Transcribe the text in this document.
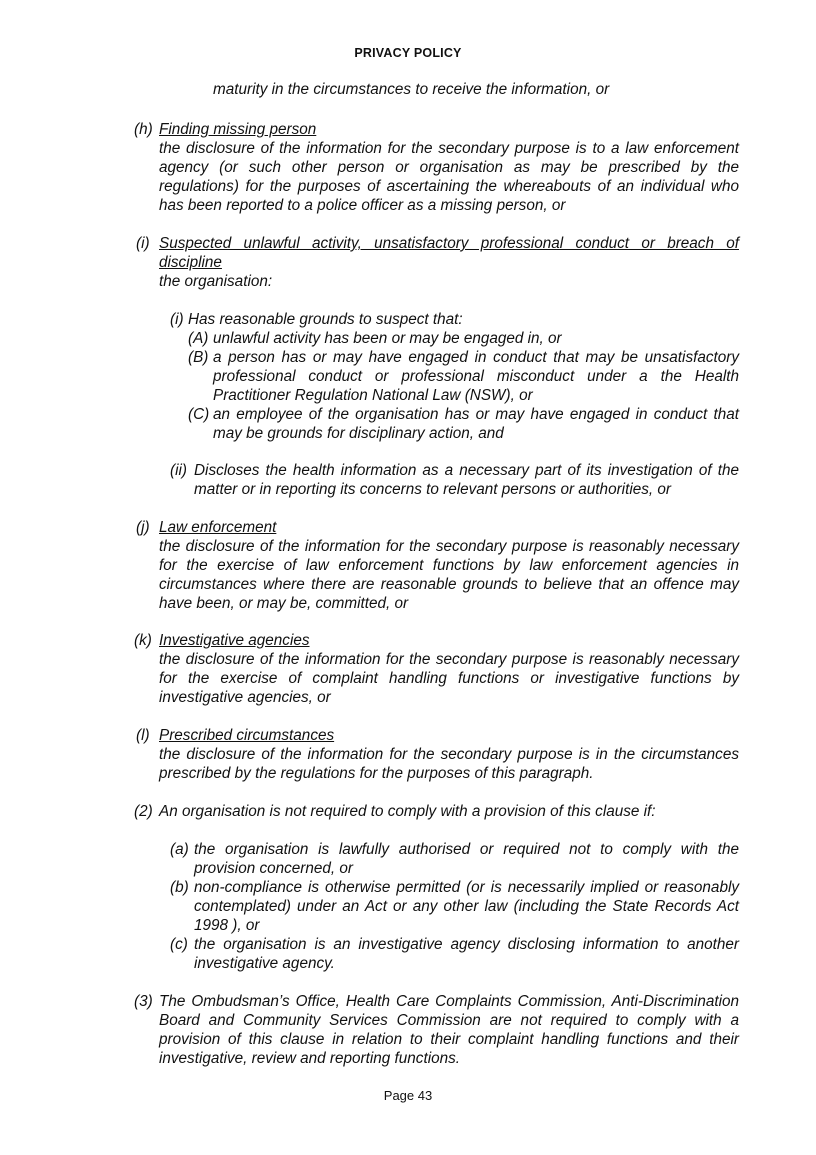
PRIVACY POLICY
maturity in the circumstances to receive the information, or
(h) Finding missing person
the disclosure of the information for the secondary purpose is to a law enforcement agency (or such other person or organisation as may be prescribed by the regulations) for the purposes of ascertaining the whereabouts of an individual who has been reported to a police officer as a missing person, or
(i) Suspected unlawful activity, unsatisfactory professional conduct or breach of discipline
the organisation:
(i) Has reasonable grounds to suspect that:
(A) unlawful activity has been or may be engaged in, or
(B) a person has or may have engaged in conduct that may be unsatisfactory professional conduct or professional misconduct under a the Health Practitioner Regulation National Law (NSW), or
(C) an employee of the organisation has or may have engaged in conduct that may be grounds for disciplinary action, and
(ii) Discloses the health information as a necessary part of its investigation of the matter or in reporting its concerns to relevant persons or authorities, or
(j) Law enforcement
the disclosure of the information for the secondary purpose is reasonably necessary for the exercise of law enforcement functions by law enforcement agencies in circumstances where there are reasonable grounds to believe that an offence may have been, or may be, committed, or
(k) Investigative agencies
the disclosure of the information for the secondary purpose is reasonably necessary for the exercise of complaint handling functions or investigative functions by investigative agencies, or
(l) Prescribed circumstances
the disclosure of the information for the secondary purpose is in the circumstances prescribed by the regulations for the purposes of this paragraph.
(2) An organisation is not required to comply with a provision of this clause if:
(a) the organisation is lawfully authorised or required not to comply with the provision concerned, or
(b) non-compliance is otherwise permitted (or is necessarily implied or reasonably contemplated) under an Act or any other law (including the State Records Act 1998 ), or
(c) the organisation is an investigative agency disclosing information to another investigative agency.
(3) The Ombudsman’s Office, Health Care Complaints Commission, Anti-Discrimination Board and Community Services Commission are not required to comply with a provision of this clause in relation to their complaint handling functions and their investigative, review and reporting functions.
Page 43
